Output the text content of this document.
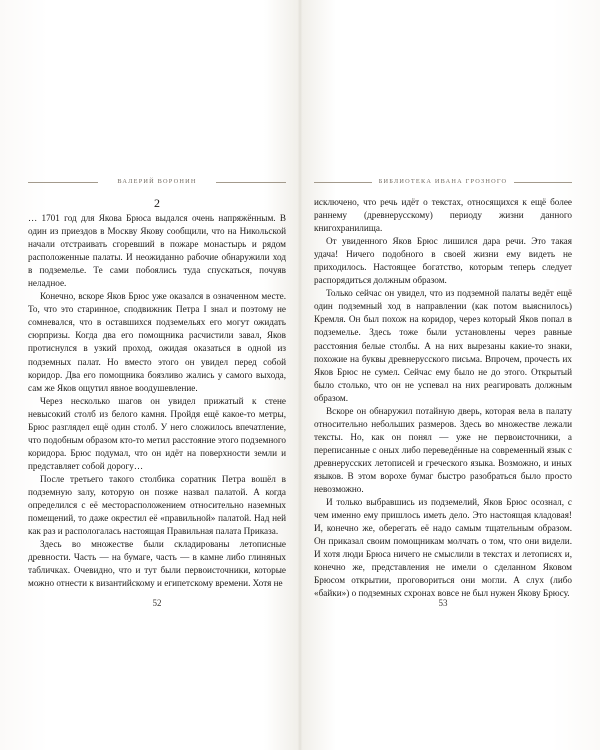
ВАЛЕРИЙ ВОРОНИН
2

… 1701 год для Якова Брюса выдался очень напряжённым. В один из приездов в Москву Якову сообщили, что на Никольской начали отстраивать сгоревший в пожаре монастырь и рядом расположенные палаты. И неожиданно рабочие обнаружили ход в подземелье. Те сами побоялись туда спускаться, почуяв неладное.

Конечно, вскоре Яков Брюс уже оказался в означенном месте. То, что это старинное, сподвижник Петра I знал и поэтому не сомневался, что в оставшихся подземельях его могут ожидать сюрпризы. Когда два его помощника расчистили завал, Яков протиснулся в узкий проход, ожидая оказаться в одной из подземных палат. Но вместо этого он увидел перед собой коридор. Два его помощника боязливо жались у самого выхода, сам же Яков ощутил явное воодушевление.

Через несколько шагов он увидел прижатый к стене невысокий столб из белого камня. Пройдя ещё какое-то метры, Брюс разглядел ещё один столб. У него сложилось впечатление, что подобным образом кто-то метил расстояние этого подземного коридора. Брюс подумал, что он идёт на поверхности земли и представляет собой дорогу…

После третьего такого столбика соратник Петра вошёл в подземную залу, которую он позже назвал палатой. А когда определился с её месторасположением относительно наземных помещений, то даже окрестил её «правильной» палатой. Над ней как раз и распологалась настоящая Правильная палата Приказа.

Здесь во множестве были складированы летописные древности. Часть — на бумаге, часть — в камне либо глиняных табличках. Очевидно, что и тут были первоисточники, которые можно отнести к византийскому и египетскому времени. Хотя не

БИБЛИОТЕКА ИВАНА ГРОЗНОГО

исключено, что речь идёт о текстах, относящихся к ещё более раннему (древнерусскому) периоду жизни данного книгохранилища.

От увиденного Яков Брюс лишился дара речи. Это такая удача! Ничего подобного в своей жизни ему видеть не приходилось. Настоящее богатство, которым теперь следует распорядиться должным образом.

Только сейчас он увидел, что из подземной палаты ведёт ещё один подземный ход в направлении (как потом выяснилось) Кремля. Он был похож на коридор, через который Яков попал в подземелье. Здесь тоже были установлены через равные расстояния белые столбы. А на них вырезаны какие-то знаки, похожие на буквы древнерусского письма. Впрочем, прочесть их Яков Брюс не сумел. Сейчас ему было не до этого. Открытый было столько, что он не успевал на них реагировать должным образом.

Вскоре он обнаружил потайную дверь, которая вела в палату относительно небольших размеров. Здесь во множестве лежали тексты. Но, как он понял — уже не первоисточники, а переписанные с оных либо переведённые на современный язык с древнерусских летописей и греческого языка. Возможно, и иных языков. В этом ворохе бумаг быстро разобраться было просто невозможно.

И только выбравшись из подземелий, Яков Брюс осознал, с чем именно ему пришлось иметь дело. Это настоящая кладовая! И, конечно же, оберегать её надо самым тщательным образом. Он приказал своим помощникам молчать о том, что они видели. И хотя люди Брюса ничего не смыслили в текстах и летописях и, конечно же, представления не имели о сделанном Яковом Брюсом открытии, проговориться они могли. А слух (либо «байки») о подземных схронах вовсе не был нужен Якову Брюсу.

52	53
